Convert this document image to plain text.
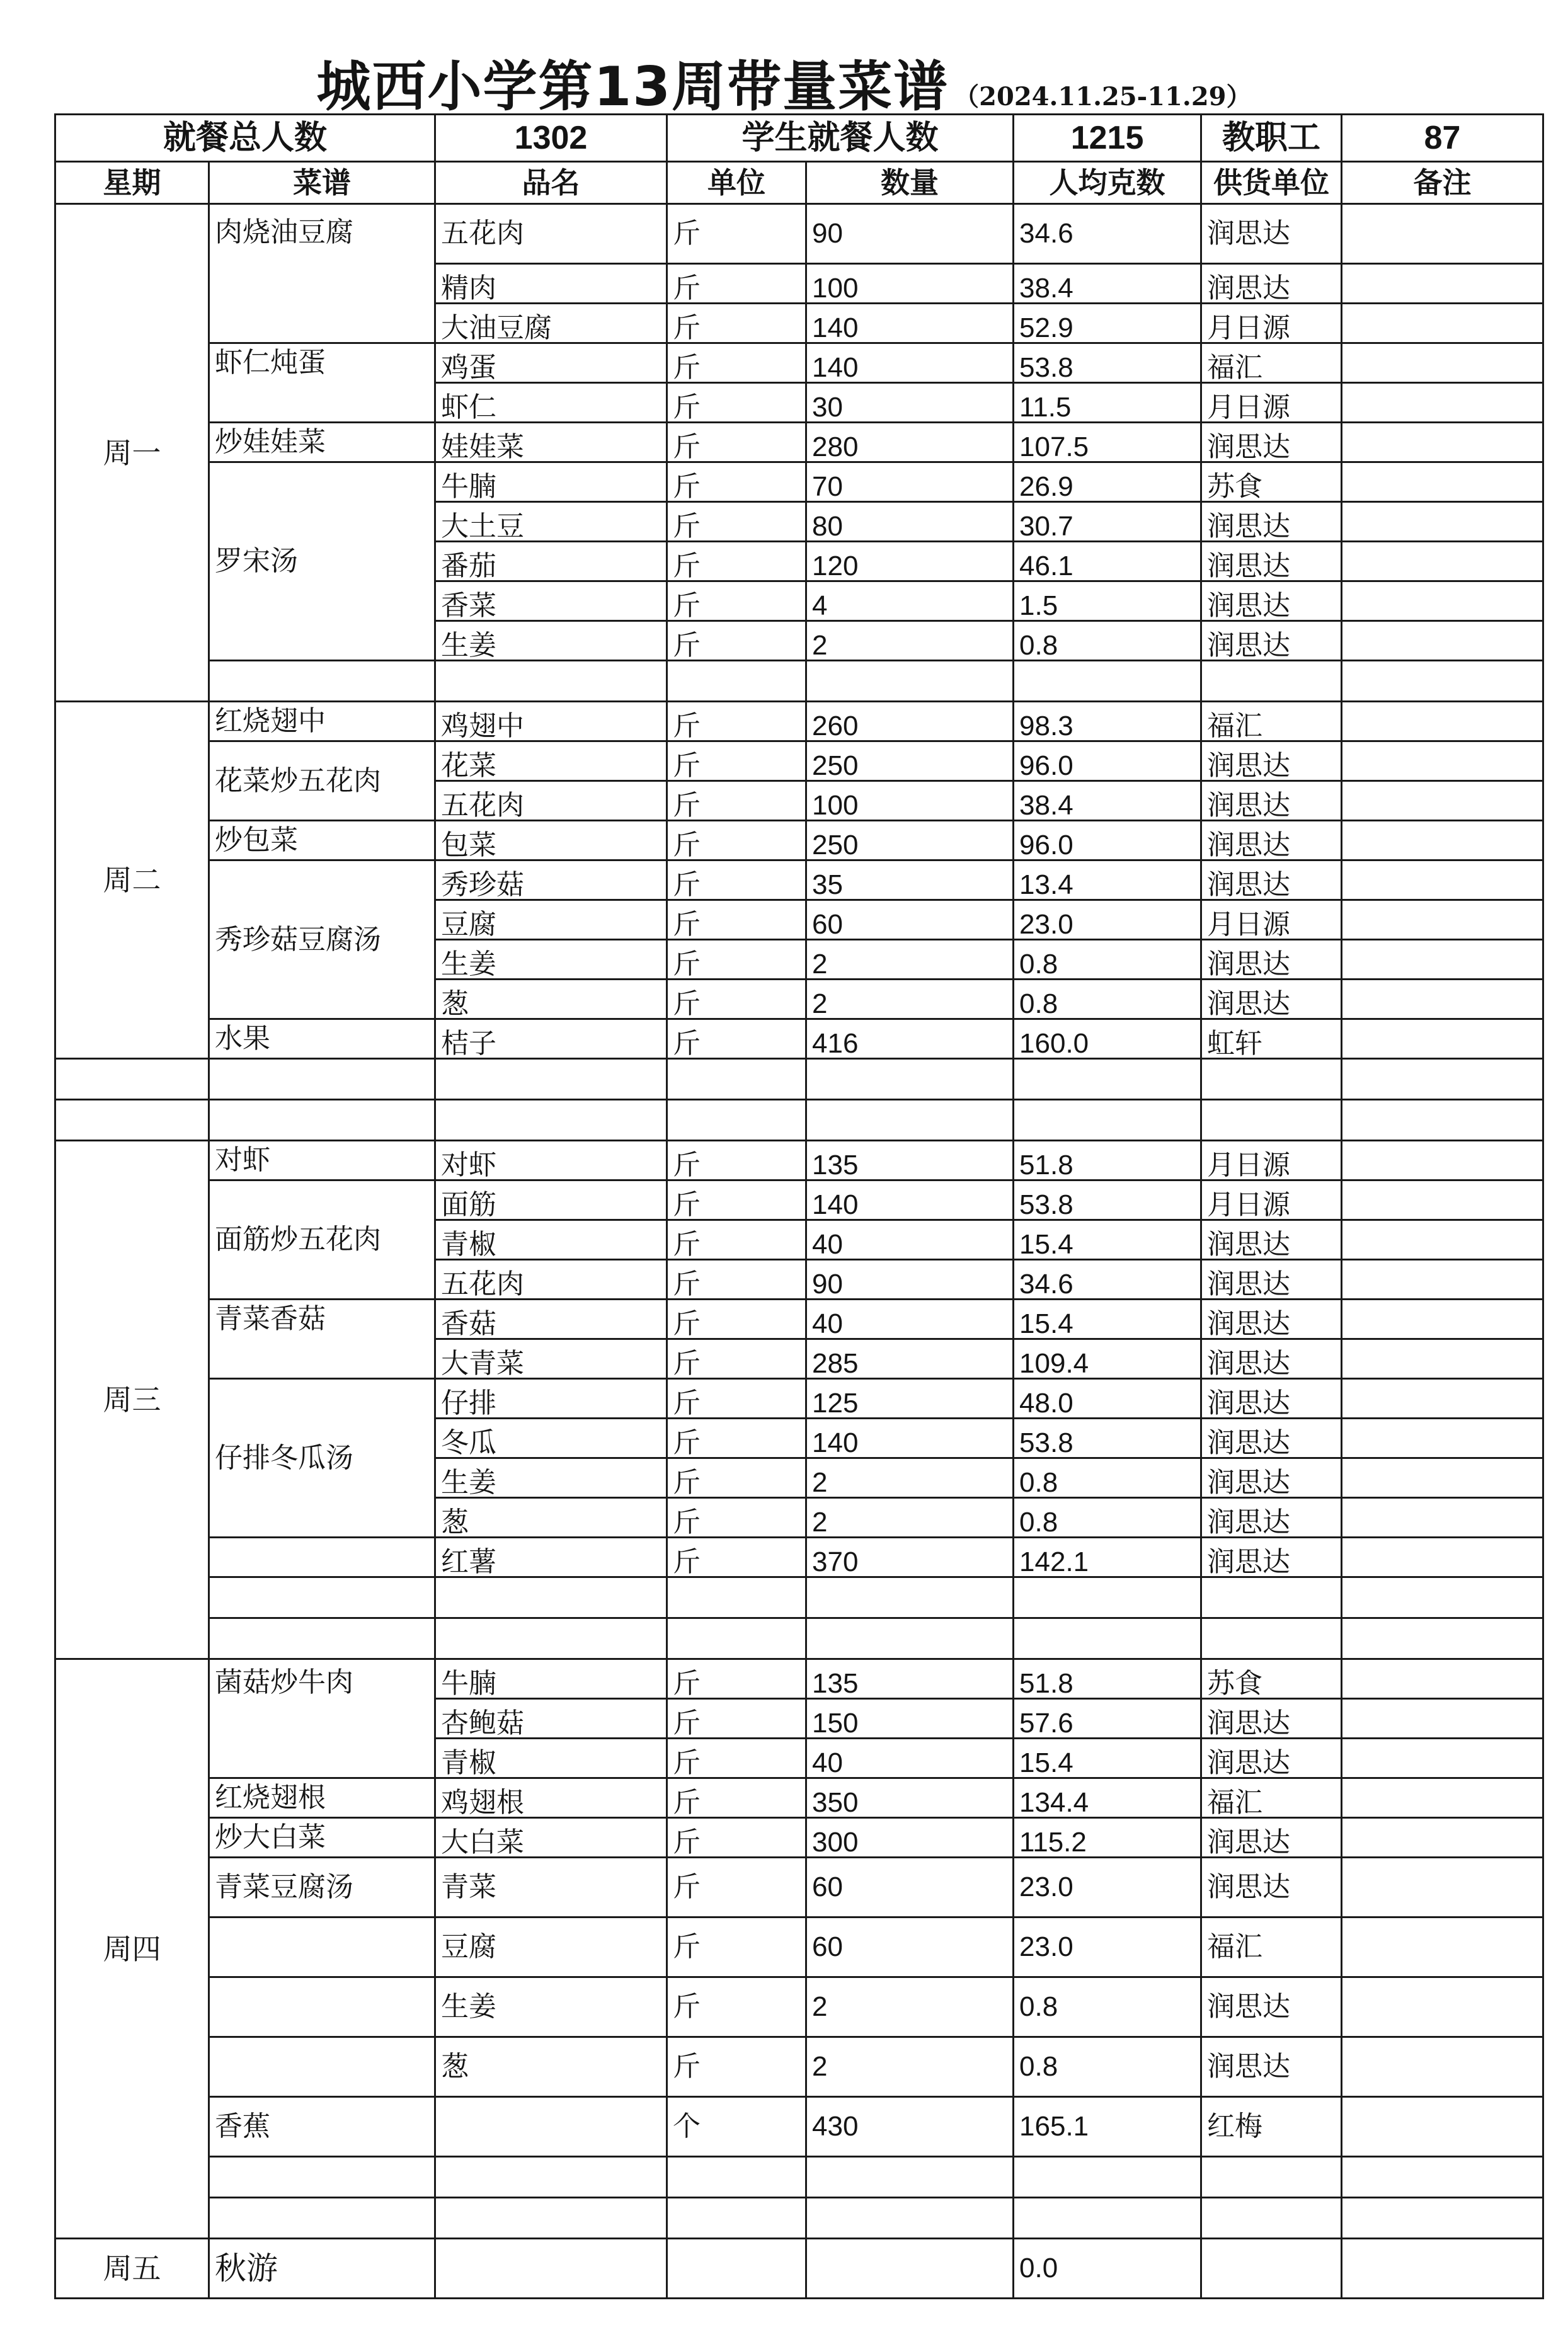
城西小学第13周带量菜谱 （2024.11.25-11.29）
就餐总人数		1302	学生就餐人数		1215	教职工	87
星期	菜谱	品名	单位	数量	人均克数	供货单位	备注
周一	肉烧油豆腐	五花肉	斤	90	34.6	润思达	
		精肉	斤	100	38.4	润思达	
		大油豆腐	斤	140	52.9	月日源	
	虾仁炖蛋	鸡蛋	斤	140	53.8	福汇	
		虾仁	斤	30	11.5	月日源	
	炒娃娃菜	娃娃菜	斤	280	107.5	润思达	
	罗宋汤	牛腩	斤	70	26.9	苏食	
		大土豆	斤	80	30.7	润思达	
		番茄	斤	120	46.1	润思达	
		香菜	斤	4	1.5	润思达	
		生姜	斤	2	0.8	润思达	

周二	红烧翅中	鸡翅中	斤	260	98.3	福汇	
	花菜炒五花肉	花菜	斤	250	96.0	润思达	
		五花肉	斤	100	38.4	润思达	
	炒包菜	包菜	斤	250	96.0	润思达	
	秀珍菇豆腐汤	秀珍菇	斤	35	13.4	润思达	
		豆腐	斤	60	23.0	月日源	
		生姜	斤	2	0.8	润思达	
		葱	斤	2	0.8	润思达	
	水果	桔子	斤	416	160.0	虹轩	

周三	对虾	对虾	斤	135	51.8	月日源	
	面筋炒五花肉	面筋	斤	140	53.8	月日源	
		青椒	斤	40	15.4	润思达	
		五花肉	斤	90	34.6	润思达	
	青菜香菇	香菇	斤	40	15.4	润思达	
		大青菜	斤	285	109.4	润思达	
	仔排冬瓜汤	仔排	斤	125	48.0	润思达	
		冬瓜	斤	140	53.8	润思达	
		生姜	斤	2	0.8	润思达	
		葱	斤	2	0.8	润思达	
		红薯	斤	370	142.1	润思达	

周四	菌菇炒牛肉	牛腩	斤	135	51.8	苏食	
		杏鲍菇	斤	150	57.6	润思达	
		青椒	斤	40	15.4	润思达	
	红烧翅根	鸡翅根	斤	350	134.4	福汇	
	炒大白菜	大白菜	斤	300	115.2	润思达	
	青菜豆腐汤	青菜	斤	60	23.0	润思达	
		豆腐	斤	60	23.0	福汇	
		生姜	斤	2	0.8	润思达	
		葱	斤	2	0.8	润思达	
	香蕉		个	430	165.1	红梅	

周五	秋游				0.0		
